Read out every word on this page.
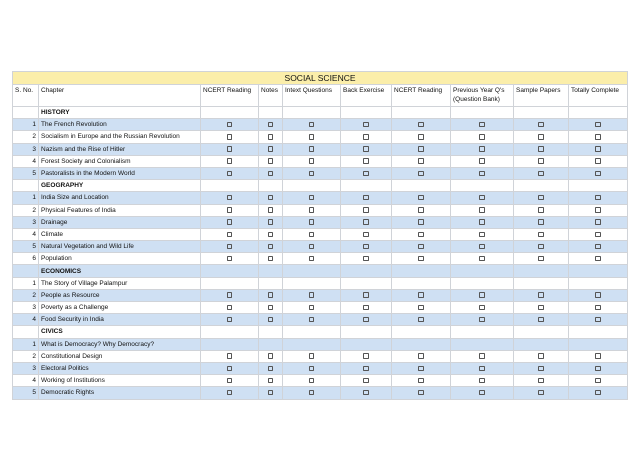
SOCIAL SCIENCE									
S. No.	Chapter	NCERT Reading	Notes	Intext Questions	Back Exercise	NCERT Reading	Previous Year Q's (Question Bank)	Sample Papers	Totally Complete
	HISTORY								
1	The French Revolution								
2	Socialism in Europe and the Russian Revolution								
3	Nazism and the Rise of Hitler								
4	Forest Society and Colonialism								
5	Pastoralists in the Modern World								
	GEOGRAPHY								
1	India Size and Location								
2	Physical Features of India								
3	Drainage								
4	Climate								
5	Natural Vegetation and Wild Life								
6	Population								
	ECONOMICS								
1	The Story of Village Palampur								
2	People as Resource								
3	Poverty as a Challenge								
4	Food Security in India								
	CIVICS								
1	What is Democracy? Why Democracy?								
2	Constitutional Design								
3	Electoral Politics								
4	Working of Institutions								
5	Democratic Rights								
